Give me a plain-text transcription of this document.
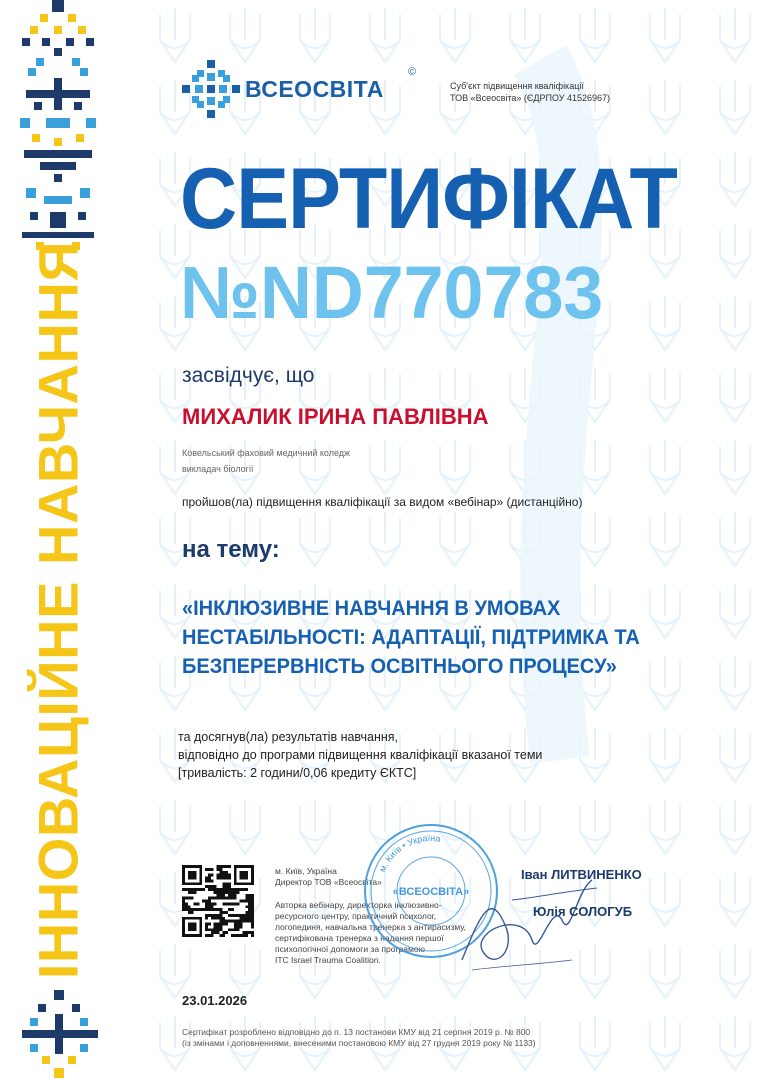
ІННОВАЦІЙНЕ НАВЧАННЯ
ВСЕОСВІТА
©
Суб'єкт підвищення кваліфікації
ТОВ «Всеосвіта» (ЄДРПОУ 41526967)
СЕРТИФІКАТ
№ND770783
засвідчує, що
МИХАЛИК ІРИНА ПАВЛІВНА
Ковельський фаховий медичний коледж
викладач біології
пройшов(ла) підвищення кваліфікації за видом «вебінар» (дистанційно)
на тему:
«ІНКЛЮЗИВНЕ НАВЧАННЯ В УМОВАХ
НЕСТАБІЛЬНОСТІ: АДАПТАЦІЇ, ПІДТРИМКА ТА
БЕЗПЕРЕРВНІСТЬ ОСВІТНЬОГО ПРОЦЕСУ»
та досягнув(ла) результатів навчання,
відповідно до програми підвищення кваліфікації вказаної теми
[тривалість: 2 години/0,06 кредиту ЄКТС]
м. Київ, Україна
Директор ТОВ «Всеосвіта»
Авторка вебінару, директорка інклюзивно-
ресурсного центру, практичний психолог,
логопединя, навчальна тренерка з антирасизму,
сертифікована тренерка з надання першої
психологічної допомоги за програмою
ITC Israel Trauma Coalition.
м. Київ • Україна
«ВСЕОСВІТА»
Іван ЛИТВИНЕНКО
Юлія СОЛОГУБ
23.01.2026
Сертифікат розроблено відповідно до п. 13 постанови КМУ від 21 серпня 2019 р. № 800
(із змінами і доповненнями, внесеними постановою КМУ від 27 грудня 2019 року № 1133)
